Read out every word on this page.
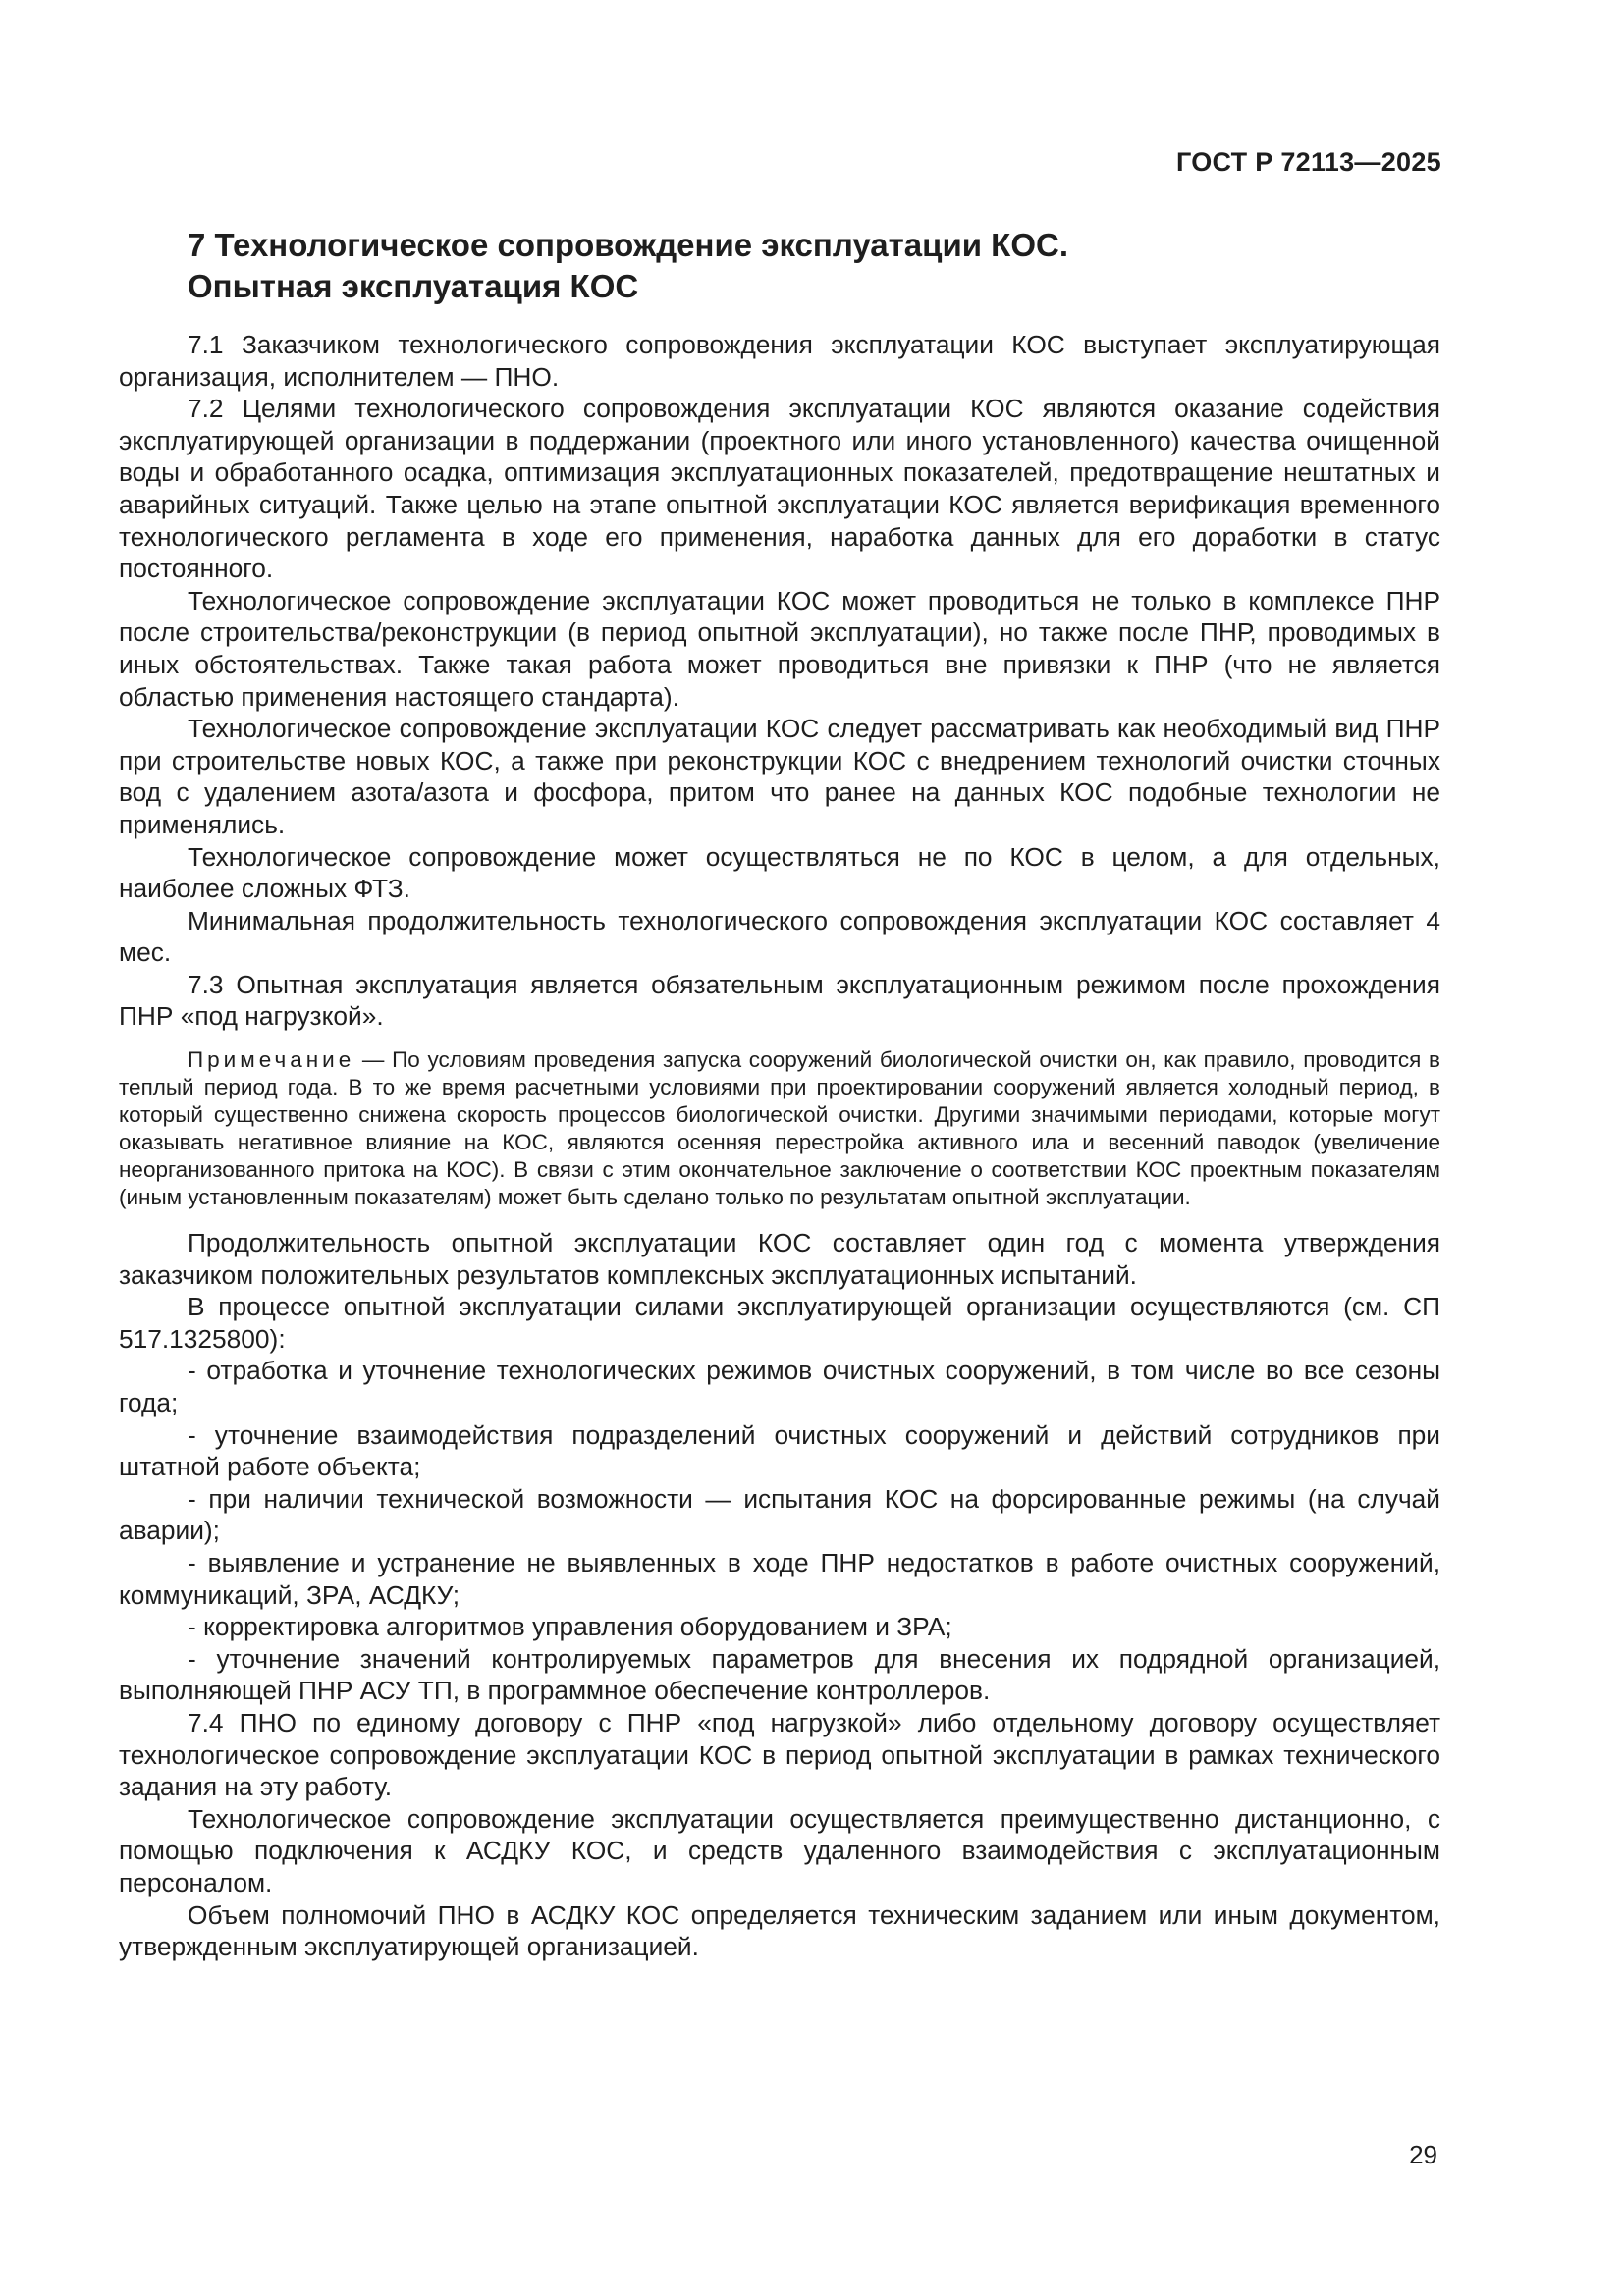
ГОСТ Р 72113—2025
7 Технологическое сопровождение эксплуатации КОС.
Опытная эксплуатация КОС

7.1 Заказчиком технологического сопровождения эксплуатации КОС выступает эксплуатирующая организация, исполнителем — ПНО.

7.2 Целями технологического сопровождения эксплуатации КОС являются оказание содействия эксплуатирующей организации в поддержании (проектного или иного установленного) качества очищенной воды и обработанного осадка, оптимизация эксплуатационных показателей, предотвращение нештатных и аварийных ситуаций. Также целью на этапе опытной эксплуатации КОС является верификация временного технологического регламента в ходе его применения, наработка данных для его доработки в статус постоянного.

Технологическое сопровождение эксплуатации КОС может проводиться не только в комплексе ПНР после строительства/реконструкции (в период опытной эксплуатации), но также после ПНР, проводимых в иных обстоятельствах. Также такая работа может проводиться вне привязки к ПНР (что не является областью применения настоящего стандарта).

Технологическое сопровождение эксплуатации КОС следует рассматривать как необходимый вид ПНР при строительстве новых КОС, а также при реконструкции КОС с внедрением технологий очистки сточных вод с удалением азота/азота и фосфора, притом что ранее на данных КОС подобные технологии не применялись.

Технологическое сопровождение может осуществляться не по КОС в целом, а для отдельных, наиболее сложных ФТЗ.

Минимальная продолжительность технологического сопровождения эксплуатации КОС составляет 4 мес.

7.3 Опытная эксплуатация является обязательным эксплуатационным режимом после прохождения ПНР «под нагрузкой».

Примечание — По условиям проведения запуска сооружений биологической очистки он, как правило, проводится в теплый период года. В то же время расчетными условиями при проектировании сооружений является холодный период, в который существенно снижена скорость процессов биологической очистки. Другими значимыми периодами, которые могут оказывать негативное влияние на КОС, являются осенняя перестройка активного ила и весенний паводок (увеличение неорганизованного притока на КОС). В связи с этим окончательное заключение о соответствии КОС проектным показателям (иным установленным показателям) может быть сделано только по результатам опытной эксплуатации.

Продолжительность опытной эксплуатации КОС составляет один год с момента утверждения заказчиком положительных результатов комплексных эксплуатационных испытаний.

В процессе опытной эксплуатации силами эксплуатирующей организации осуществляются (см. СП 517.1325800):

- отработка и уточнение технологических режимов очистных сооружений, в том числе во все сезоны года;

- уточнение взаимодействия подразделений очистных сооружений и действий сотрудников при штатной работе объекта;

- при наличии технической возможности — испытания КОС на форсированные режимы (на случай аварии);

- выявление и устранение не выявленных в ходе ПНР недостатков в работе очистных сооружений, коммуникаций, ЗРА, АСДКУ;

- корректировка алгоритмов управления оборудованием и ЗРА;

- уточнение значений контролируемых параметров для внесения их подрядной организацией, выполняющей ПНР АСУ ТП, в программное обеспечение контроллеров.

7.4 ПНО по единому договору с ПНР «под нагрузкой» либо отдельному договору осуществляет технологическое сопровождение эксплуатации КОС в период опытной эксплуатации в рамках технического задания на эту работу.

Технологическое сопровождение эксплуатации осуществляется преимущественно дистанционно, с помощью подключения к АСДКУ КОС, и средств удаленного взаимодействия с эксплуатационным персоналом.

Объем полномочий ПНО в АСДКУ КОС определяется техническим заданием или иным документом, утвержденным эксплуатирующей организацией.

29
